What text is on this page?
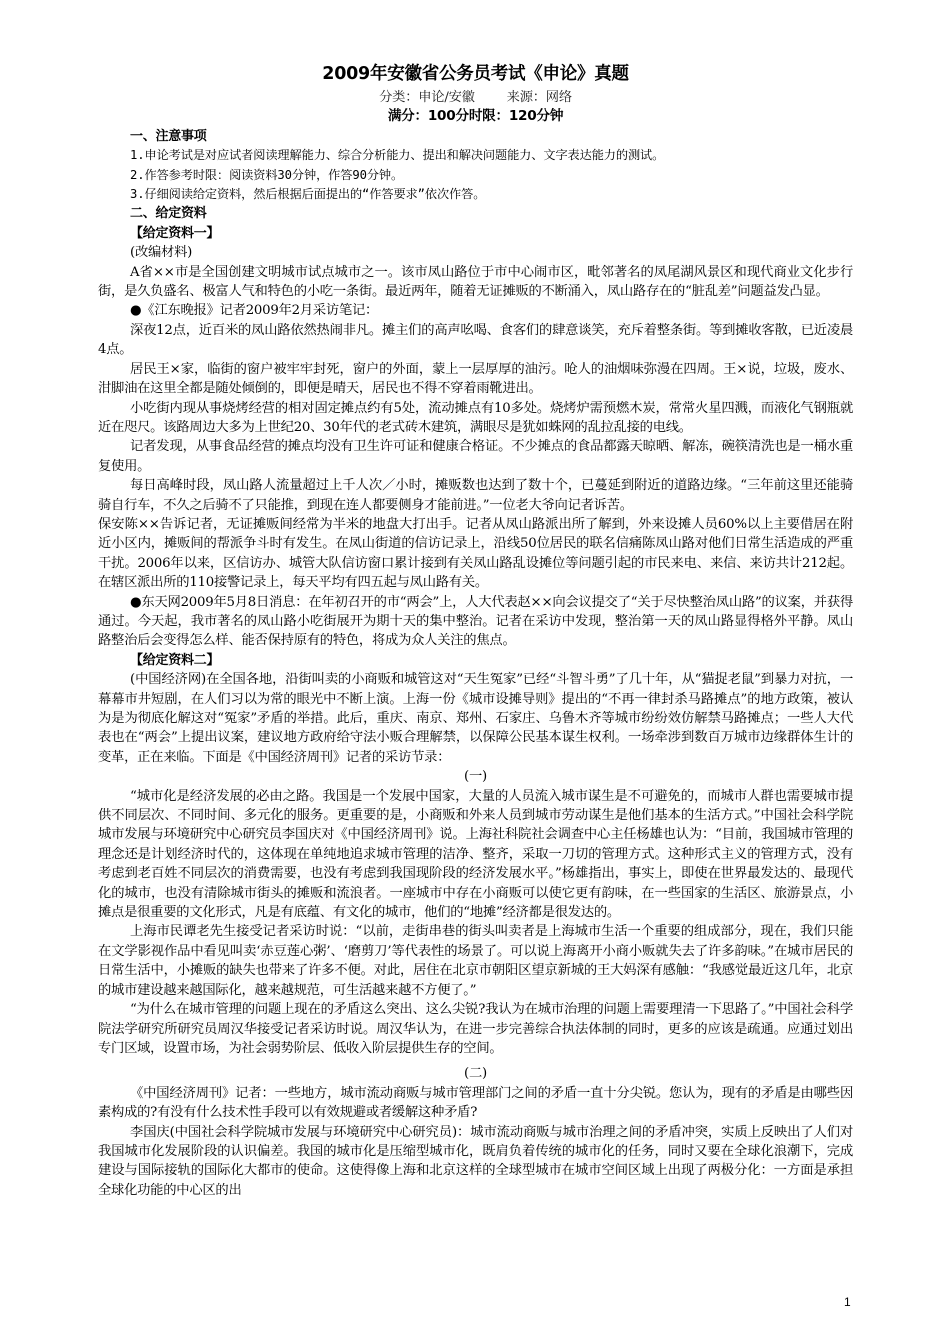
2009年安徽省公务员考试《申论》真题
分类：申论/安徽 来源：网络
满分：100分时限：120分钟
一、注意事项
1.申论考试是对应试者阅读理解能力、综合分析能力、提出和解决问题能力、文字表达能力的测试。
2.作答参考时限：阅读资料30分钟，作答90分钟。
3.仔细阅读给定资料，然后根据后面提出的“作答要求”依次作答。
二、给定资料
【给定资料一】

(改编材料)

A省××市是全国创建文明城市试点城市之一。该市凤山路位于市中心闹市区，毗邻著名的凤尾湖风景区和现代商业文化步行街，是久负盛名、极富人气和特色的小吃一条街。最近两年，随着无证摊贩的不断涌入，凤山路存在的“脏乱差”问题益发凸显。

●《江东晚报》记者2009年2月采访笔记：

深夜12点，近百米的凤山路依然热闹非凡。摊主们的高声吆喝、食客们的肆意谈笑，充斥着整条街。等到摊收客散，已近凌晨4点。

居民王×家，临街的窗户被牢牢封死，窗户的外面，蒙上一层厚厚的油污。呛人的油烟味弥漫在四周。王×说，垃圾，废水、泔脚油在这里全都是随处倾倒的，即便是晴天，居民也不得不穿着雨靴进出。

小吃街内现从事烧烤经营的相对固定摊点约有5处，流动摊点有10多处。烧烤炉需预燃木炭，常常火星四溅，而液化气钢瓶就近在咫尺。该路周边大多为上世纪20、30年代的老式砖木建筑，满眼尽是犹如蛛网的乱拉乱接的电线。

记者发现，从事食品经营的摊点均没有卫生许可证和健康合格证。不少摊点的食品都露天晾晒、解冻，碗筷清洗也是一桶水重复使用。

每日高峰时段，凤山路人流量超过上千人次／小时，摊贩数也达到了数十个，已蔓延到附近的道路边缘。“三年前这里还能骑骑自行车，不久之后骑不了只能推，到现在连人都要侧身才能前进。”一位老大爷向记者诉苦。

保安陈××告诉记者，无证摊贩间经常为半米的地盘大打出手。记者从凤山路派出所了解到，外来设摊人员60%以上主要借居在附近小区内，摊贩间的帮派争斗时有发生。在凤山街道的信访记录上，沿线50位居民的联名信痛陈凤山路对他们日常生活造成的严重干扰。2006年以来，区信访办、城管大队信访窗口累计接到有关凤山路乱设摊位等问题引起的市民来电、来信、来访共计212起。在辖区派出所的110接警记录上，每天平均有四五起与凤山路有关。

●东天网2009年5月8日消息：在年初召开的市“两会”上，人大代表赵××向会议提交了“关于尽快整治凤山路”的议案，并获得通过。今天起，我市著名的凤山路小吃街展开为期十天的集中整治。记者在采访中发现，整治第一天的凤山路显得格外平静。凤山路整治后会变得怎么样、能否保持原有的特色，将成为众人关注的焦点。

【给定资料二】

(中国经济网)在全国各地，沿街叫卖的小商贩和城管这对“天生冤家”已经“斗智斗勇”了几十年，从“猫捉老鼠”到暴力对抗，一幕幕市井短剧，在人们习以为常的眼光中不断上演。上海一份《城市设摊导则》提出的“不再一律封杀马路摊点”的地方政策，被认为是为彻底化解这对“冤家”矛盾的举措。此后，重庆、南京、郑州、石家庄、乌鲁木齐等城市纷纷效仿解禁马路摊点；一些人大代表也在“两会”上提出议案，建议地方政府给守法小贩合理解禁，以保障公民基本谋生权利。一场牵涉到数百万城市边缘群体生计的变革，正在来临。下面是《中国经济周刊》记者的采访节录：

(一)

“城市化是经济发展的必由之路。我国是一个发展中国家，大量的人员流入城市谋生是不可避免的，而城市人群也需要城市提供不同层次、不同时间、多元化的服务。更重要的是，小商贩和外来人员到城市劳动谋生是他们基本的生活方式。”中国社会科学院城市发展与环境研究中心研究员李国庆对《中国经济周刊》说。上海社科院社会调查中心主任杨雄也认为：“目前，我国城市管理的理念还是计划经济时代的，这体现在单纯地追求城市管理的洁净、整齐，采取一刀切的管理方式。这种形式主义的管理方式，没有考虑到老百姓不同层次的消费需要，也没有考虑到我国现阶段的经济发展水平。”杨雄指出，事实上，即使在世界最发达的、最现代化的城市，也没有清除城市街头的摊贩和流浪者。一座城市中存在小商贩可以使它更有韵味，在一些国家的生活区、旅游景点，小摊点是很重要的文化形式，凡是有底蕴、有文化的城市，他们的“地摊”经济都是很发达的。

上海市民谭老先生接受记者采访时说：“以前，走街串巷的街头叫卖者是上海城市生活一个重要的组成部分，现在，我们只能在文学影视作品中看见叫卖‘赤豆莲心粥’、‘磨剪刀’等代表性的场景了。可以说上海离开小商小贩就失去了许多韵味。”在城市居民的日常生活中，小摊贩的缺失也带来了许多不便。对此，居住在北京市朝阳区望京新城的王大妈深有感触：“我感觉最近这几年，北京的城市建设越来越国际化，越来越规范，可生活越来越不方便了。”

“为什么在城市管理的问题上现在的矛盾这么突出、这么尖锐?我认为在城市治理的问题上需要理清一下思路了。”中国社会科学院法学研究所研究员周汉华接受记者采访时说。周汉华认为，在进一步完善综合执法体制的同时，更多的应该是疏通。应通过划出专门区域，设置市场，为社会弱势阶层、低收入阶层提供生存的空间。

(二)

《中国经济周刊》记者：一些地方，城市流动商贩与城市管理部门之间的矛盾一直十分尖锐。您认为，现有的矛盾是由哪些因素构成的?有没有什么技术性手段可以有效规避或者缓解这种矛盾?

李国庆(中国社会科学院城市发展与环境研究中心研究员)：城市流动商贩与城市治理之间的矛盾冲突，实质上反映出了人们对我国城市化发展阶段的认识偏差。我国的城市化是压缩型城市化，既肩负着传统的城市化的任务，同时又要在全球化浪潮下，完成建设与国际接轨的国际化大都市的使命。这使得像上海和北京这样的全球型城市在城市空间区域上出现了两极分化：一方面是承担全球化功能的中心区的出

1
